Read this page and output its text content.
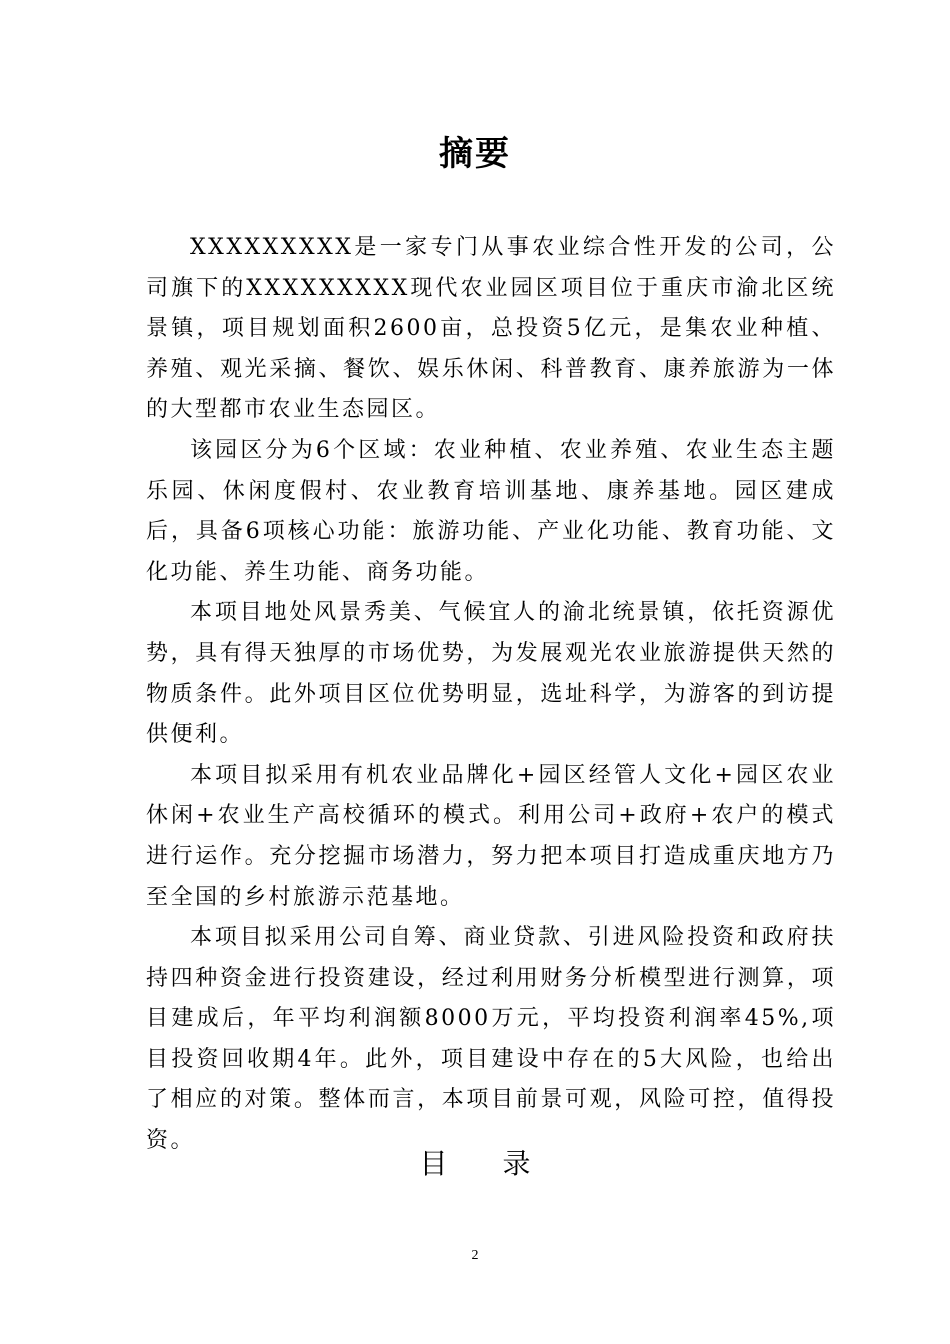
摘要

XXXXXXXXX是一家专门从事农业综合性开发的公司，公司旗下的XXXXXXXXX现代农业园区项目位于重庆市渝北区统景镇，项目规划面积2600亩，总投资5亿元，是集农业种植、养殖、观光采摘、餐饮、娱乐休闲、科普教育、康养旅游为一体的大型都市农业生态园区。

该园区分为6个区域：农业种植、农业养殖、农业生态主题乐园、休闲度假村、农业教育培训基地、康养基地。园区建成后，具备6项核心功能：旅游功能、产业化功能、教育功能、文化功能、养生功能、商务功能。

本项目地处风景秀美、气候宜人的渝北统景镇，依托资源优势，具有得天独厚的市场优势，为发展观光农业旅游提供天然的物质条件。此外项目区位优势明显，选址科学，为游客的到访提供便利。

本项目拟采用有机农业品牌化+园区经管人文化+园区农业休闲+农业生产高校循环的模式。利用公司+政府+农户的模式进行运作。充分挖掘市场潜力，努力把本项目打造成重庆地方乃至全国的乡村旅游示范基地。

本项目拟采用公司自筹、商业贷款、引进风险投资和政府扶持四种资金进行投资建设，经过利用财务分析模型进行测算，项目建成后，年平均利润额8000万元，平均投资利润率45%,项目投资回收期4年。此外，项目建设中存在的5大风险，也给出了相应的对策。整体而言，本项目前景可观，风险可控，值得投资。

目 录
2
